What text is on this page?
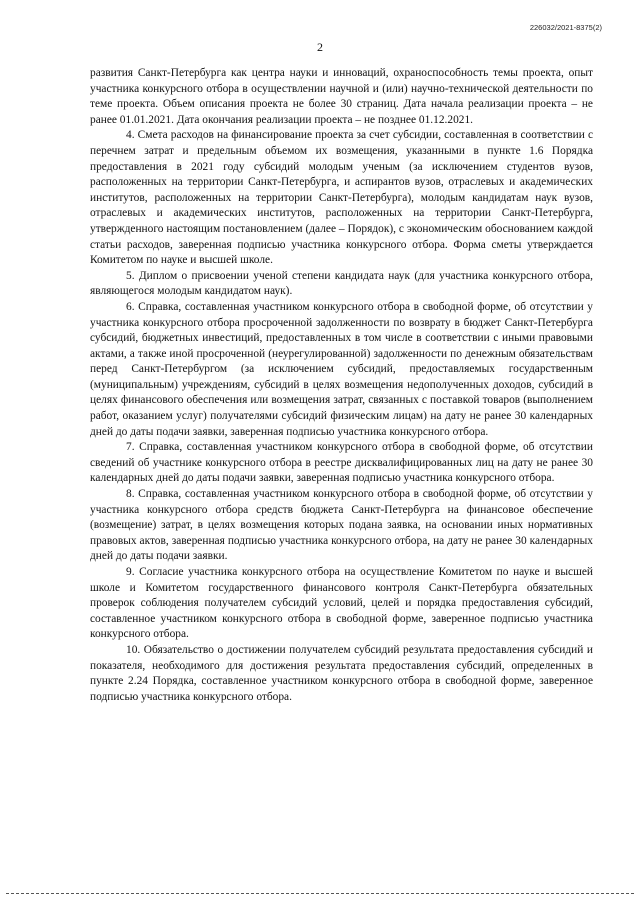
226032/2021-8375(2)
2

развития Санкт-Петербурга как центра науки и инноваций, охраноспособность темы проекта, опыт участника конкурсного отбора в осуществлении научной и (или) научно-технической деятельности по теме проекта. Объем описания проекта не более 30 страниц. Дата начала реализации проекта – не ранее 01.01.2021. Дата окончания реализации проекта – не позднее 01.12.2021.

4. Смета расходов на финансирование проекта за счет субсидии, составленная в соответствии с перечнем затрат и предельным объемом их возмещения, указанными в пункте 1.6 Порядка предоставления в 2021 году субсидий молодым ученым (за исключением студентов вузов, расположенных на территории Санкт-Петербурга, и аспирантов вузов, отраслевых и академических институтов, расположенных на территории Санкт-Петербурга), молодым кандидатам наук вузов, отраслевых и академических институтов, расположенных на территории Санкт-Петербурга, утвержденного настоящим постановлением (далее – Порядок), с экономическим обоснованием каждой статьи расходов, заверенная подписью участника конкурсного отбора. Форма сметы утверждается Комитетом по науке и высшей школе.

5. Диплом о присвоении ученой степени кандидата наук (для участника конкурсного отбора, являющегося молодым кандидатом наук).

6. Справка, составленная участником конкурсного отбора в свободной форме, об отсутствии у участника конкурсного отбора просроченной задолженности по возврату в бюджет Санкт-Петербурга субсидий, бюджетных инвестиций, предоставленных в том числе в соответствии с иными правовыми актами, а также иной просроченной (неурегулированной) задолженности по денежным обязательствам перед Санкт-Петербургом (за исключением субсидий, предоставляемых государственным (муниципальным) учреждениям, субсидий в целях возмещения недополученных доходов, субсидий в целях финансового обеспечения или возмещения затрат, связанных с поставкой товаров (выполнением работ, оказанием услуг) получателями субсидий физическим лицам) на дату не ранее 30 календарных дней до даты подачи заявки, заверенная подписью участника конкурсного отбора.

7. Справка, составленная участником конкурсного отбора в свободной форме, об отсутствии сведений об участнике конкурсного отбора в реестре дисквалифицированных лиц на дату не ранее 30 календарных дней до даты подачи заявки, заверенная подписью участника конкурсного отбора.

8. Справка, составленная участником конкурсного отбора в свободной форме, об отсутствии у участника конкурсного отбора средств бюджета Санкт-Петербурга на финансовое обеспечение (возмещение) затрат, в целях возмещения которых подана заявка, на основании иных нормативных правовых актов, заверенная подписью участника конкурсного отбора, на дату не ранее 30 календарных дней до даты подачи заявки.

9. Согласие участника конкурсного отбора на осуществление Комитетом по науке и высшей школе и Комитетом государственного финансового контроля Санкт-Петербурга обязательных проверок соблюдения получателем субсидий условий, целей и порядка предоставления субсидий, составленное участником конкурсного отбора в свободной форме, заверенное подписью участника конкурсного отбора.

10. Обязательство о достижении получателем субсидий результата предоставления субсидий и показателя, необходимого для достижения результата предоставления субсидий, определенных в пункте 2.24 Порядка, составленное участником конкурсного отбора в свободной форме, заверенное подписью участника конкурсного отбора.
